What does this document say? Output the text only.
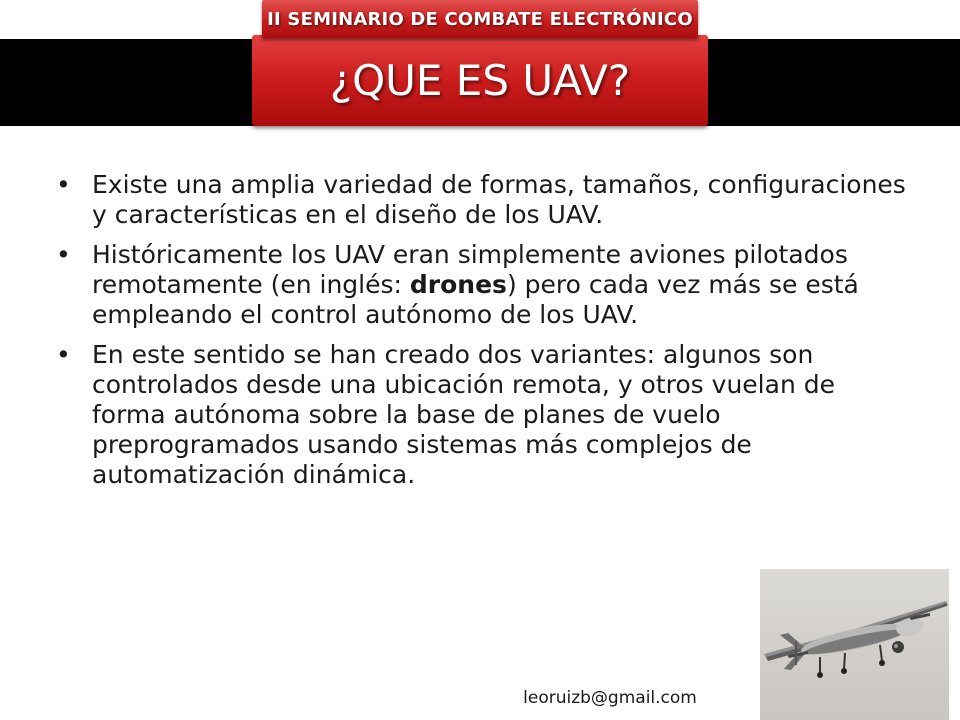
¿QUE ES UAV?
II SEMINARIO DE COMBATE ELECTRÓNICO
• Existe una amplia variedad de formas, tamaños, configuraciones y características en el diseño de los UAV.
• Históricamente los UAV eran simplemente aviones pilotados remotamente (en inglés: drones) pero cada vez más se está empleando el control autónomo de los UAV.
• En este sentido se han creado dos variantes: algunos son controlados desde una ubicación remota, y otros vuelan de forma autónoma sobre la base de planes de vuelo preprogramados usando sistemas más complejos de automatización dinámica.
leoruizb@gmail.com
